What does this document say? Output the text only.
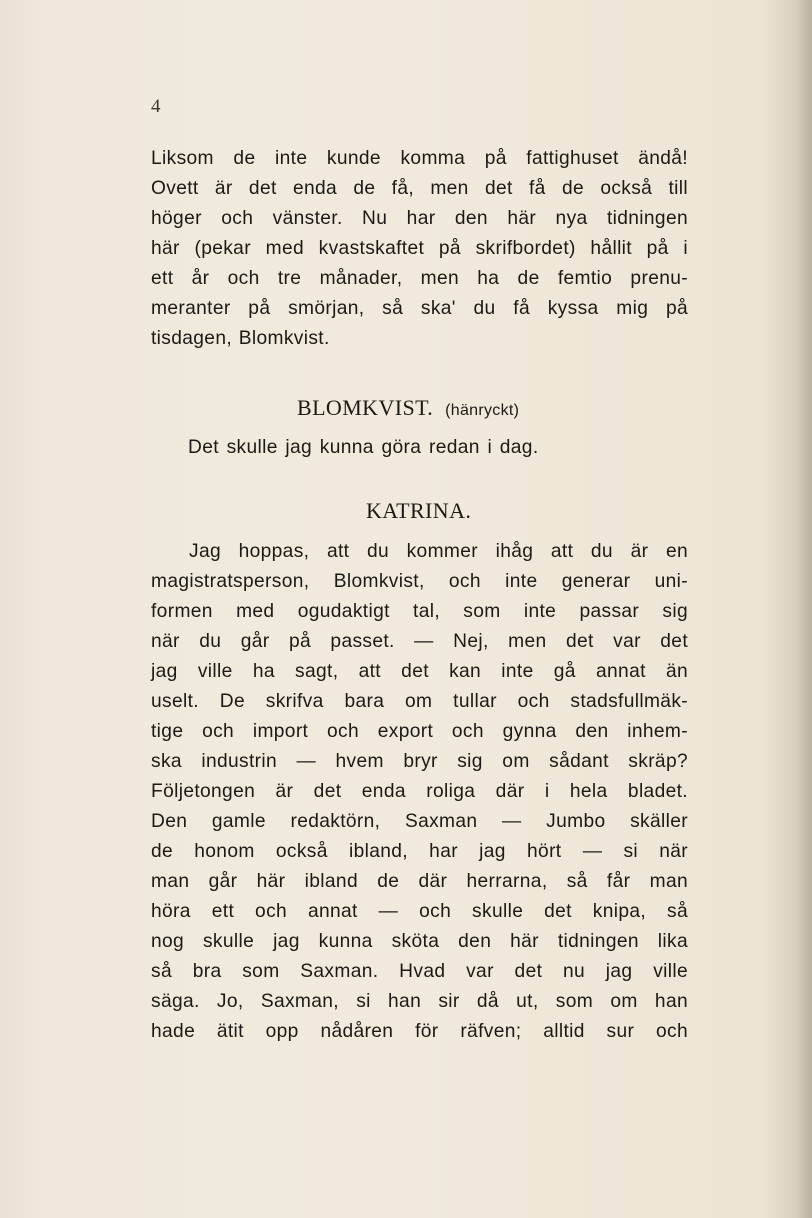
4
Liksom de inte kunde komma på fattighuset ändå!
Ovett är det enda de få, men det få de också till
höger och vänster. Nu har den här nya tidningen
här (pekar med kvastskaftet på skrifbordet) hållit på i
ett år och tre månader, men ha de femtio prenu-
meranter på smörjan, så ska' du få kyssa mig på
tisdagen, Blomkvist.
BLOMKVIST. (hänryckt)
Det skulle jag kunna göra redan i dag.
KATRINA.
Jag hoppas, att du kommer ihåg att du är en
magistratsperson, Blomkvist, och inte generar uni-
formen med ogudaktigt tal, som inte passar sig
när du går på passet. — Nej, men det var det
jag ville ha sagt, att det kan inte gå annat än
uselt. De skrifva bara om tullar och stadsfullmäk-
tige och import och export och gynna den inhem-
ska industrin — hvem bryr sig om sådant skräp?
Följetongen är det enda roliga där i hela bladet.
Den gamle redaktörn, Saxman — Jumbo skäller
de honom också ibland, har jag hört — si när
man går här ibland de där herrarna, så får man
höra ett och annat — och skulle det knipa, så
nog skulle jag kunna sköta den här tidningen lika
så bra som Saxman. Hvad var det nu jag ville
säga. Jo, Saxman, si han sir då ut, som om han
hade ätit opp nådåren för räfven; alltid sur och
